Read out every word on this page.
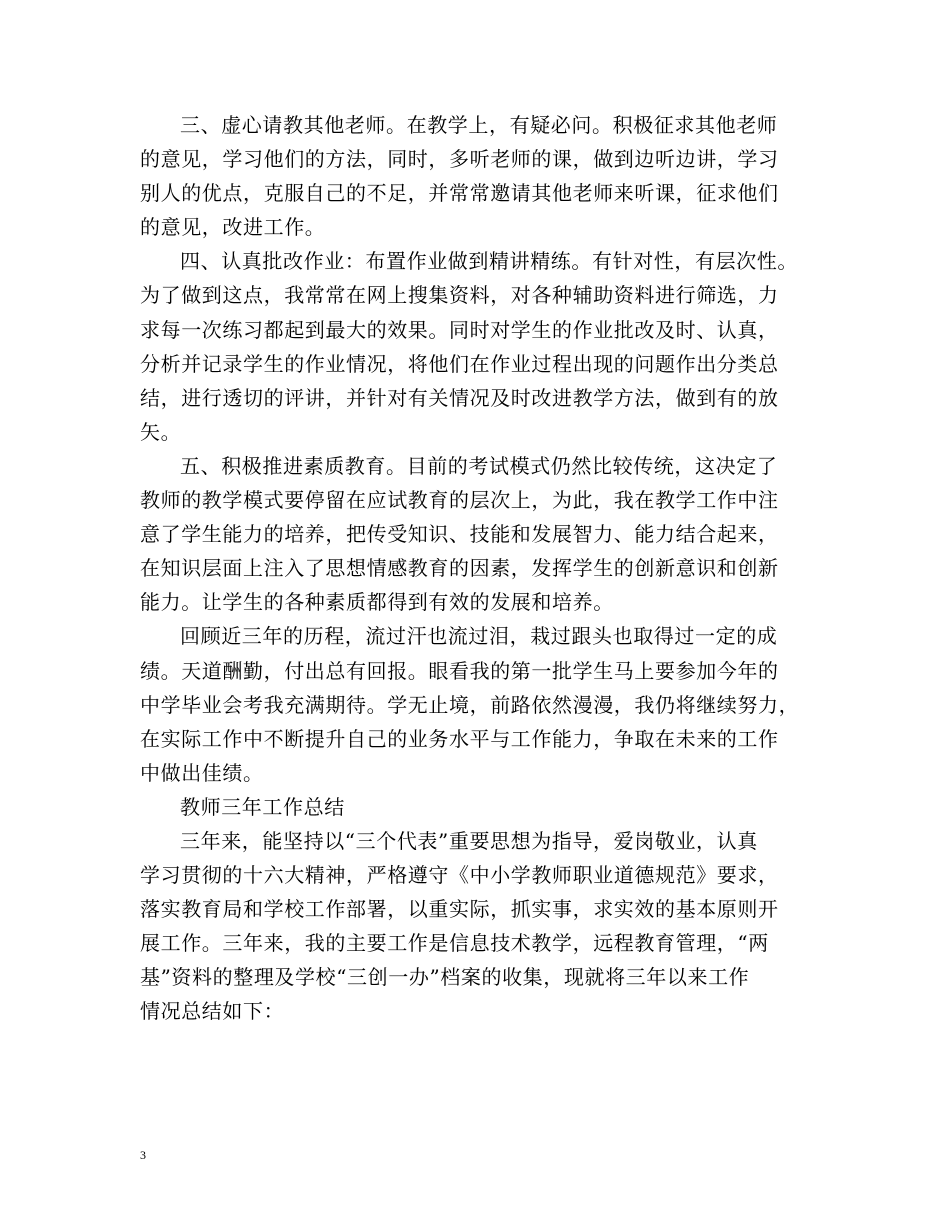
三、虚心请教其他老师。在教学上，有疑必问。积极征求其他老师
的意见，学习他们的方法，同时，多听老师的课，做到边听边讲，学习
别人的优点，克服自己的不足，并常常邀请其他老师来听课，征求他们
的意见，改进工作。
四、认真批改作业：布置作业做到精讲精练。有针对性，有层次性。
为了做到这点，我常常在网上搜集资料，对各种辅助资料进行筛选，力
求每一次练习都起到最大的效果。同时对学生的作业批改及时、认真，
分析并记录学生的作业情况，将他们在作业过程出现的问题作出分类总
结，进行透切的评讲，并针对有关情况及时改进教学方法，做到有的放
矢。
五、积极推进素质教育。目前的考试模式仍然比较传统，这决定了
教师的教学模式要停留在应试教育的层次上，为此，我在教学工作中注
意了学生能力的培养，把传受知识、技能和发展智力、能力结合起来，
在知识层面上注入了思想情感教育的因素，发挥学生的创新意识和创新
能力。让学生的各种素质都得到有效的发展和培养。
回顾近三年的历程，流过汗也流过泪，栽过跟头也取得过一定的成
绩。天道酬勤，付出总有回报。眼看我的第一批学生马上要参加今年的
中学毕业会考我充满期待。学无止境，前路依然漫漫，我仍将继续努力，
在实际工作中不断提升自己的业务水平与工作能力，争取在未来的工作
中做出佳绩。
教师三年工作总结
三年来，能坚持以“三个代表”重要思想为指导，爱岗敬业，认真
学习贯彻的十六大精神，严格遵守《中小学教师职业道德规范》要求，
落实教育局和学校工作部署，以重实际，抓实事，求实效的基本原则开
展工作。三年来，我的主要工作是信息技术教学，远程教育管理，“两
基”资料的整理及学校“三创一办”档案的收集，现就将三年以来工作
情况总结如下：
3
